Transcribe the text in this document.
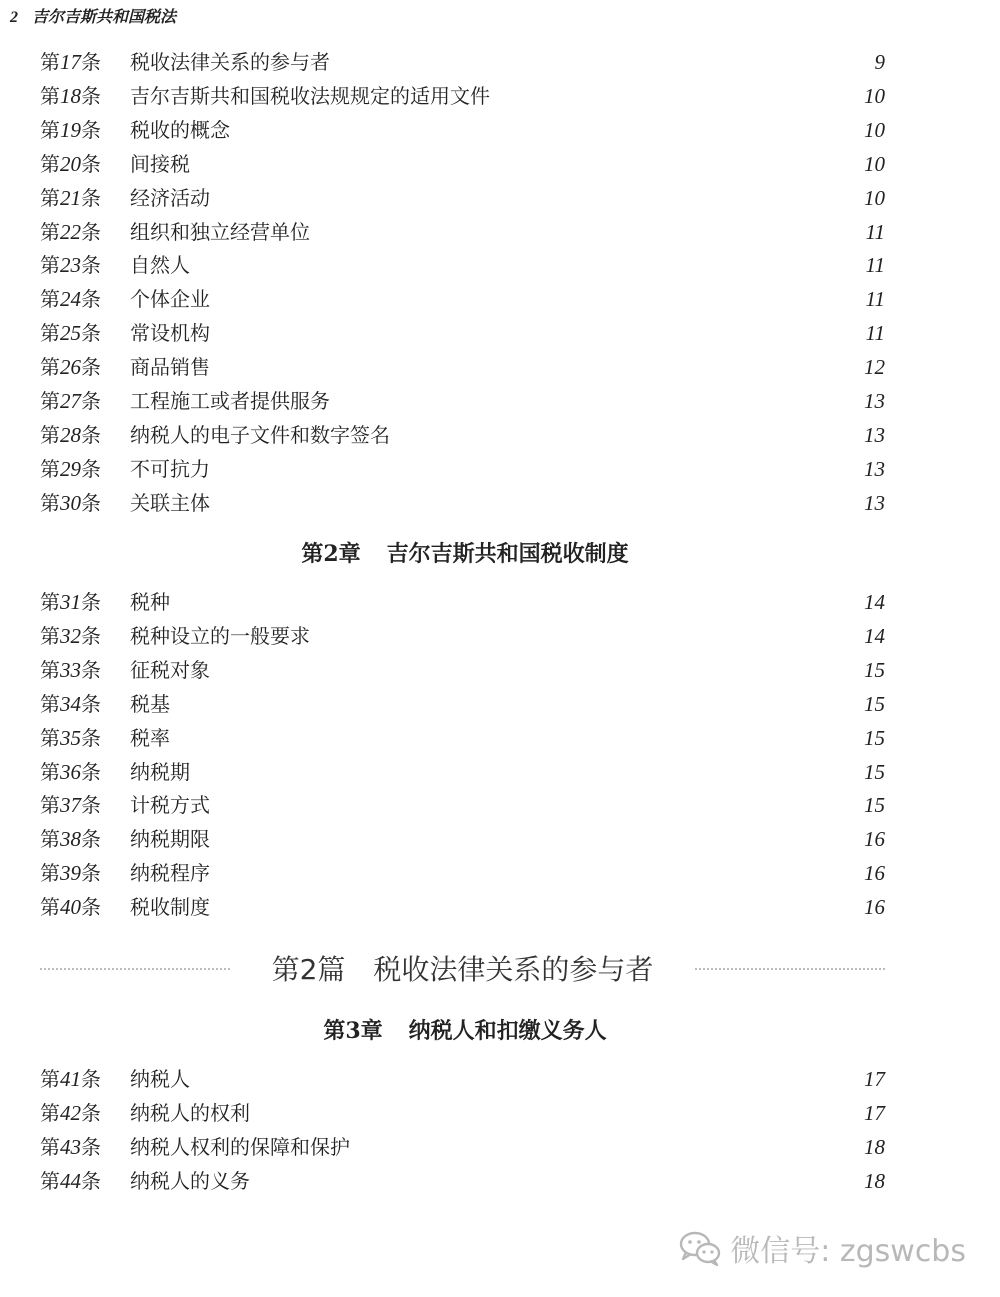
2 吉尔吉斯共和国税法
第17条 税收法律关系的参与者	9
第18条 吉尔吉斯共和国税收法规规定的适用文件	10
第19条 税收的概念	10
第20条 间接税	10
第21条 经济活动	10
第22条 组织和独立经营单位	11
第23条 自然人	11
第24条 个体企业	11
第25条 常设机构	11
第26条 商品销售	12
第27条 工程施工或者提供服务	13
第28条 纳税人的电子文件和数字签名	13
第29条 不可抗力	13
第30条 关联主体	13
第31条 税种	14
第32条 税种设立的一般要求	14
第33条 征税对象	15
第34条 税基	15
第35条 税率	15
第36条 纳税期	15
第37条 计税方式	15
第38条 纳税期限	16
第39条 纳税程序	16
第40条 税收制度	16
第41条 纳税人	17
第42条 纳税人的权利	17
第43条 纳税人权利的保障和保护	18
第44条 纳税人的义务	18
第2章 吉尔吉斯共和国税收制度
第2篇 税收法律关系的参与者
第3章 纳税人和扣缴义务人
微信号: zgswcbs
